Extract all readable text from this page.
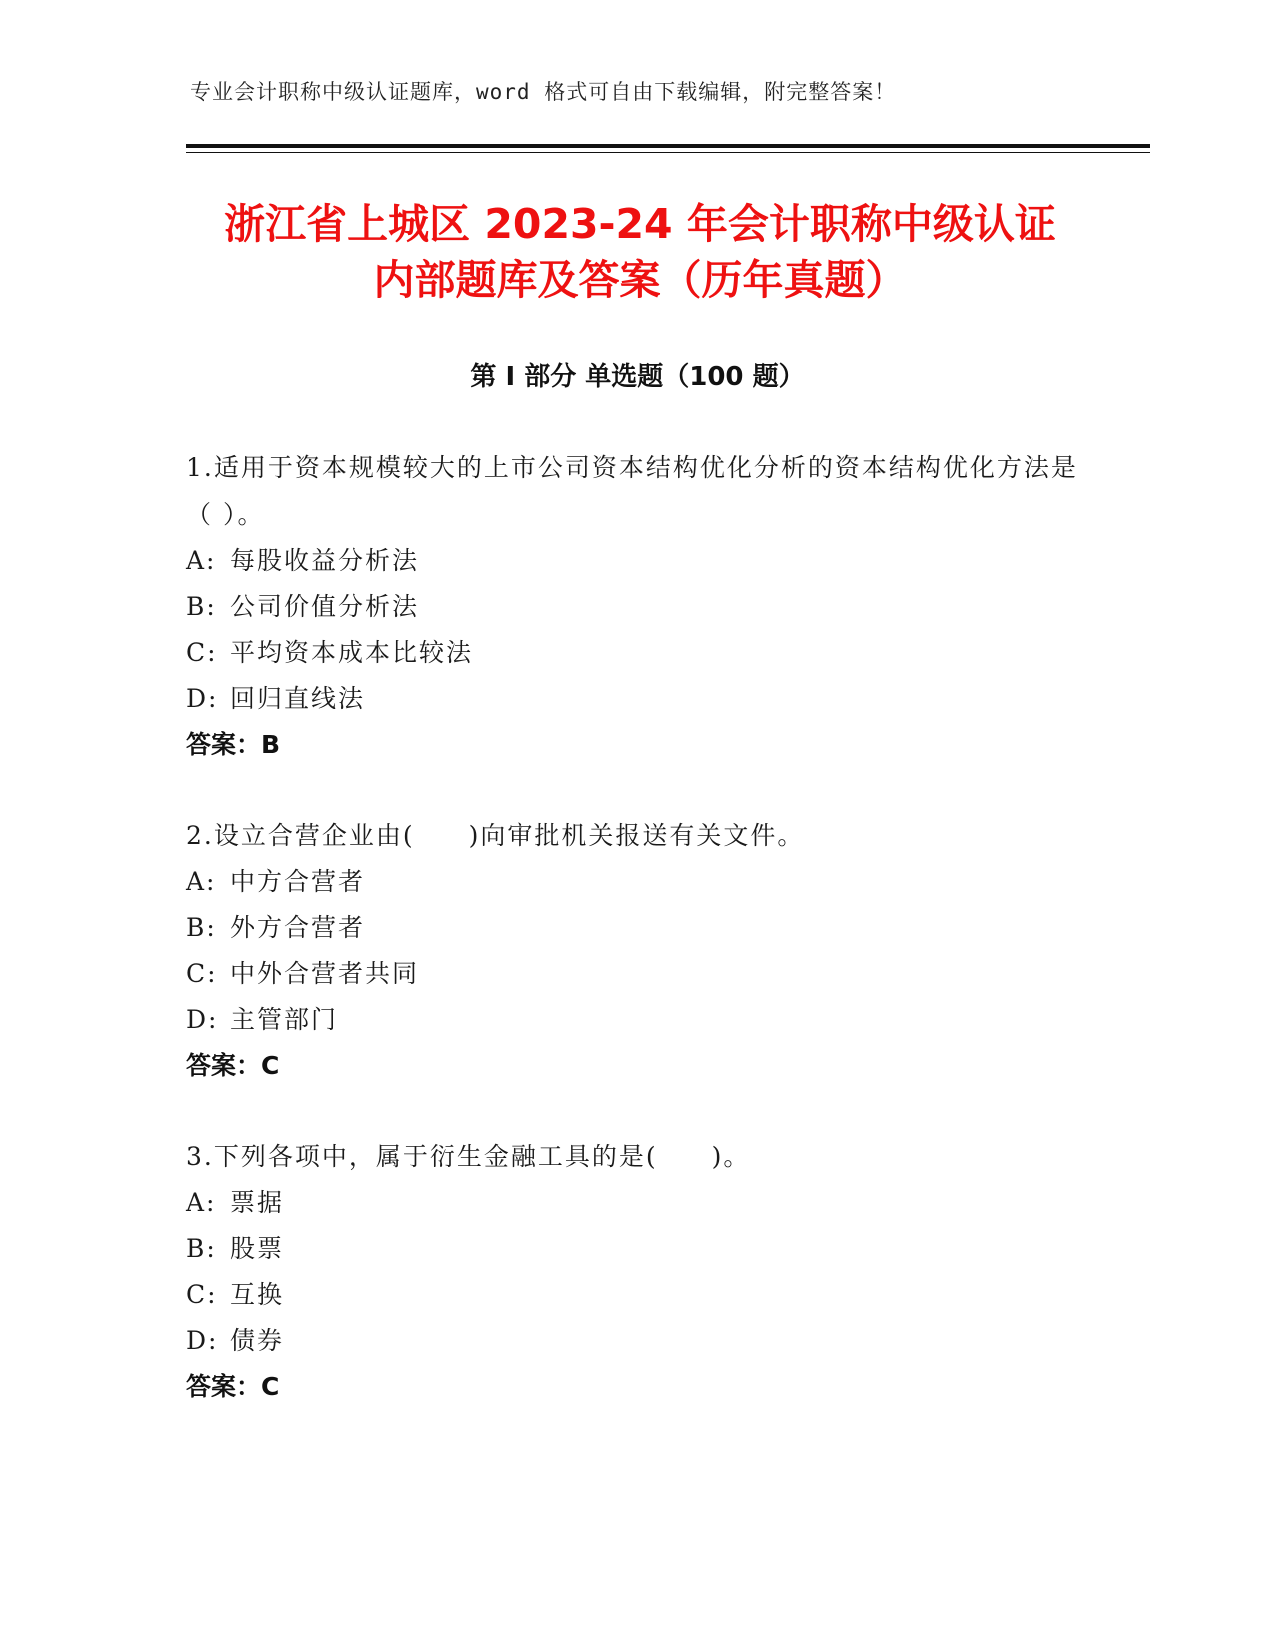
专业会计职称中级认证题库，word 格式可自由下载编辑，附完整答案！
浙江省上城区 2023-24 年会计职称中级认证
内部题库及答案（历年真题）
第 I 部分 单选题（100 题）
1.适用于资本规模较大的上市公司资本结构优化分析的资本结构优化方法是（ ）。
A: 每股收益分析法
B: 公司价值分析法
C: 平均资本成本比较法
D: 回归直线法
答案：B
2.设立合营企业由(　　)向审批机关报送有关文件。
A: 中方合营者
B: 外方合营者
C: 中外合营者共同
D: 主管部门
答案：C
3.下列各项中，属于衍生金融工具的是(　　)。
A: 票据
B: 股票
C: 互换
D: 债券
答案：C
